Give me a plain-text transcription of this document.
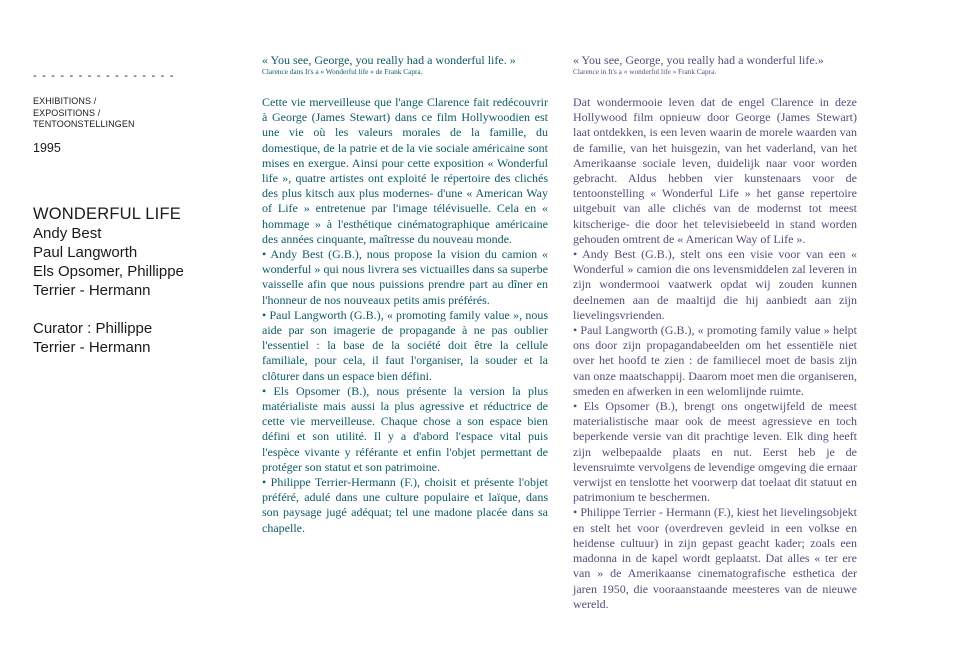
- - - - - - - - - - - - - - - -
EXHIBITIONS /
EXPOSITIONS /
TENTOONSTELLINGEN
1995
WONDERFUL LIFE
Andy Best
Paul Langworth
Els Opsomer, Phillippe
Terrier - Hermann
Curator : Phillippe
Terrier - Hermann
« You see, George, you really had a wonderful life. »
Clarence dans It's a « Wonderful life » de Frank Capra.

Cette vie merveilleuse que l'ange Clarence fait redécouvrir à George (James Stewart) dans ce film Hollywoodien est une vie où les valeurs morales de la famille, du domestique, de la patrie et de la vie sociale américaine sont mises en exergue. Ainsi pour cette exposition « Wonderful life », quatre artistes ont exploité le répertoire des clichés des plus kitsch aux plus modernes- d'une « American Way of Life » entretenue par l'image télévisuelle. Cela en « hommage » à l'esthétique cinématographique américaine des années cinquante, maîtresse du nouveau monde.

• Andy Best (G.B.), nous propose la vision du camion « wonderful » qui nous livrera ses victuailles dans sa superbe vaisselle afin que nous puissions prendre part au dîner en l'honneur de nos nouveaux petits amis préférés.

• Paul Langworth (G.B.), « promoting family value », nous aide par son imagerie de propagande à ne pas oublier l'essentiel : la base de la société doit être la cellule familiale, pour cela, il faut l'organiser, la souder et la clôturer dans un espace bien défini.

• Els Opsomer (B.), nous présente la version la plus matérialiste mais aussi la plus agressive et réductrice de cette vie merveilleuse. Chaque chose a son espace bien défini et son utilité. Il y a d'abord l'espace vital puis l'espèce vivante y référante et enfin l'objet permettant de protéger son statut et son patrimoine.

• Philippe Terrier-Hermann (F.), choisit et présente l'objet préféré, adulé dans une culture populaire et laïque, dans son paysage jugé adéquat; tel une madone placée dans sa chapelle.

« You see, George, you really had a wonderful life.»
Clarence in It's a « wonderful life » Frank Capra.

Dat wondermooie leven dat de engel Clarence in deze Hollywood film opnieuw door George (James Stewart) laat ontdekken, is een leven waarin de morele waarden van de familie, van het huisgezin, van het vaderland, van het Amerikaanse sociale leven, duidelijk naar voor worden gebracht. Aldus hebben vier kunstenaars voor de tentoonstelling « Wonderful Life » het ganse repertoire uitgebuit van alle clichés van de modernst tot meest kitscherige- die door het televisiebeeld in stand worden gehouden omtrent de « American Way of Life ».

• Andy Best (G.B.), stelt ons een visie voor van een « Wonderful » camion die ons levensmiddelen zal leveren in zijn wondermooi vaatwerk opdat wij zouden kunnen deelnemen aan de maaltijd die hij aanbiedt aan zijn lievelingsvrienden.

• Paul Langworth (G.B.), « promoting family value » helpt ons door zijn propagandabeelden om het essentiële niet over het hoofd te zien : de familiecel moet de basis zijn van onze maatschappij. Daarom moet men die organiseren, smeden en afwerken in een welomlijnde ruimte.

• Els Opsomer (B.), brengt ons ongetwijfeld de meest materialistische maar ook de meest agressieve en toch beperkende versie van dit prachtige leven. Elk ding heeft zijn welbepaalde plaats en nut. Eerst heb je de levensruimte vervolgens de levendige omgeving die ernaar verwijst en tenslotte het voorwerp dat toelaat dit statuut en patrimonium te beschermen.

• Philippe Terrier - Hermann (F.), kiest het lievelingsobjekt en stelt het voor (overdreven gevleid in een volkse en heidense cultuur) in zijn gepast geacht kader; zoals een madonna in de kapel wordt geplaatst. Dat alles « ter ere van » de Amerikaanse cinematografische esthetica der jaren 1950, die vooraanstaande meesteres van de nieuwe wereld.
